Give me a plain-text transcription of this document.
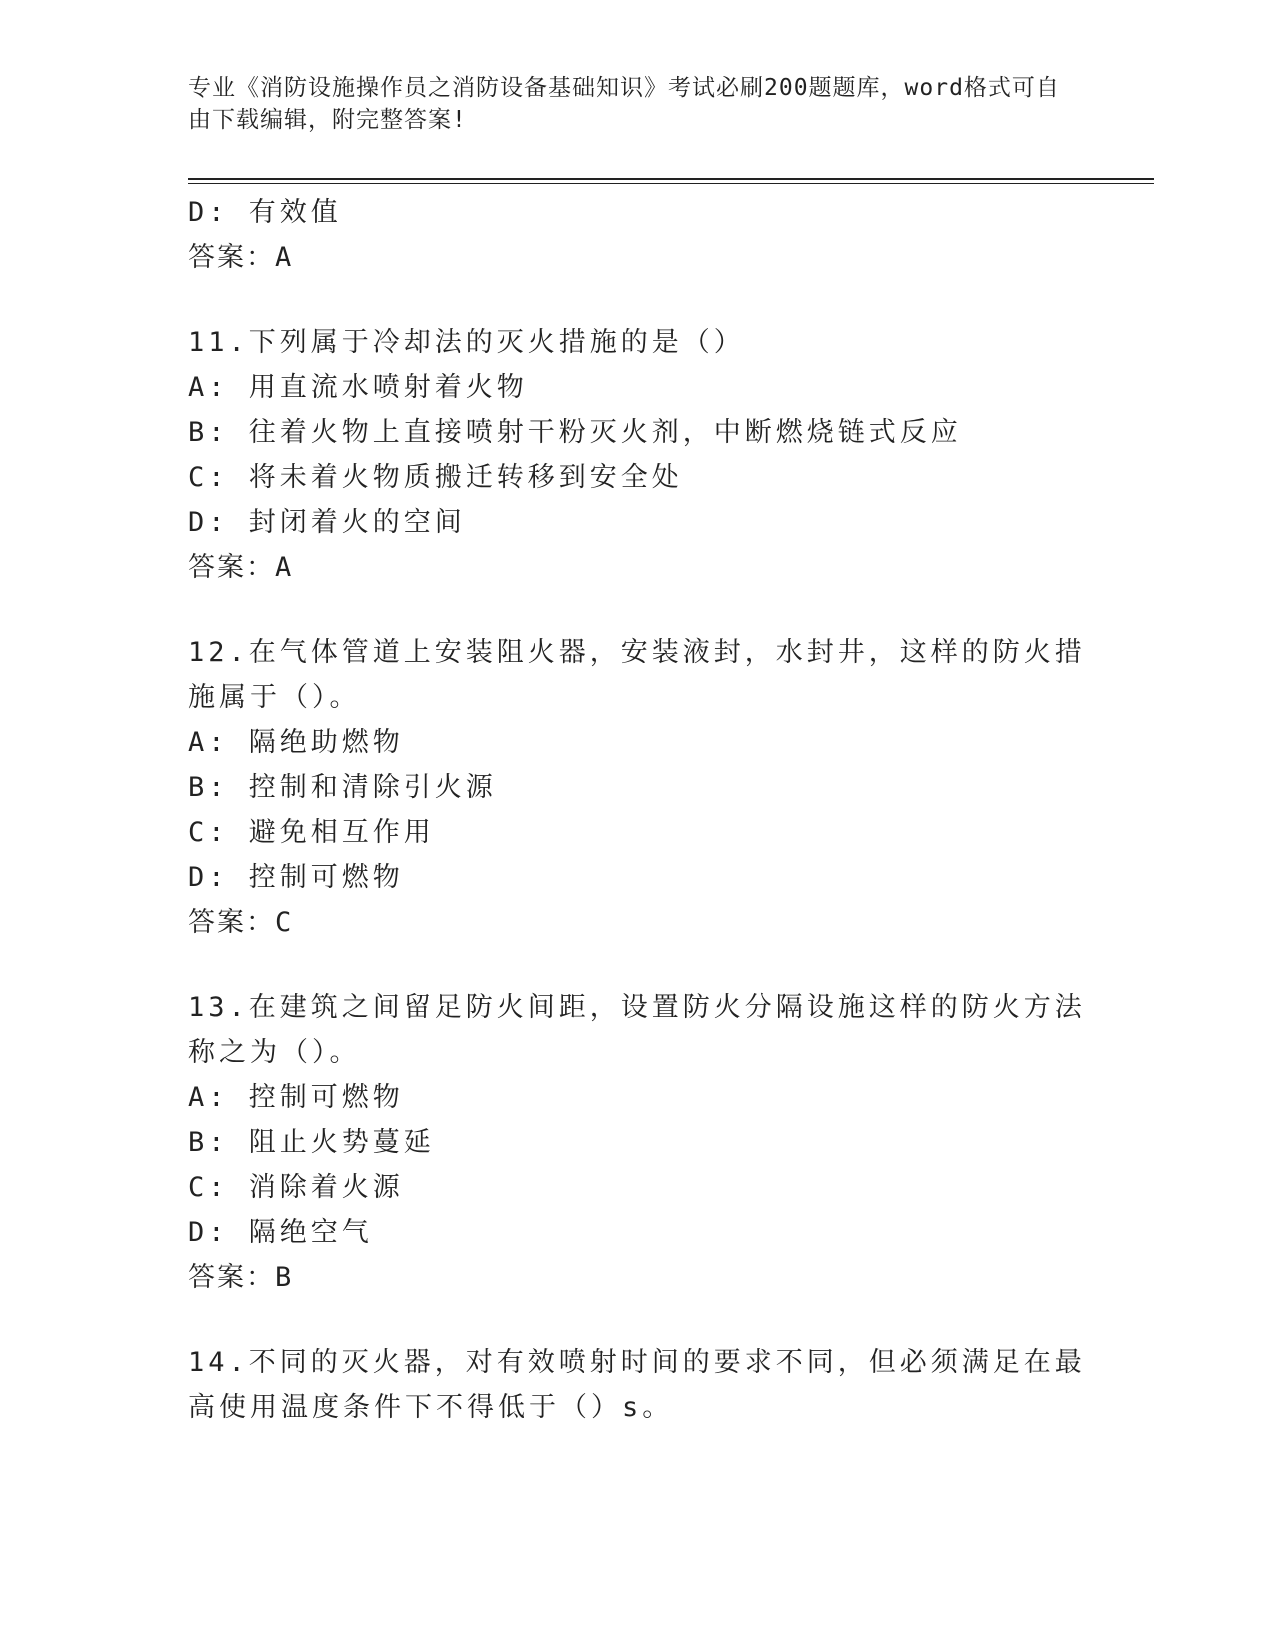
专业《消防设施操作员之消防设备基础知识》考试必刷200题题库，word格式可自由下载编辑，附完整答案!
D: 有效值
答案：A
11.下列属于冷却法的灭火措施的是（）
A: 用直流水喷射着火物
B: 往着火物上直接喷射干粉灭火剂，中断燃烧链式反应
C: 将未着火物质搬迁转移到安全处
D: 封闭着火的空间
答案：A
12.在气体管道上安装阻火器，安装液封，水封井，这样的防火措施属于（）。
A: 隔绝助燃物
B: 控制和清除引火源
C: 避免相互作用
D: 控制可燃物
答案：C
13.在建筑之间留足防火间距，设置防火分隔设施这样的防火方法称之为（）。
A: 控制可燃物
B: 阻止火势蔓延
C: 消除着火源
D: 隔绝空气
答案：B
14.不同的灭火器，对有效喷射时间的要求不同，但必须满足在最高使用温度条件下不得低于（）s。
